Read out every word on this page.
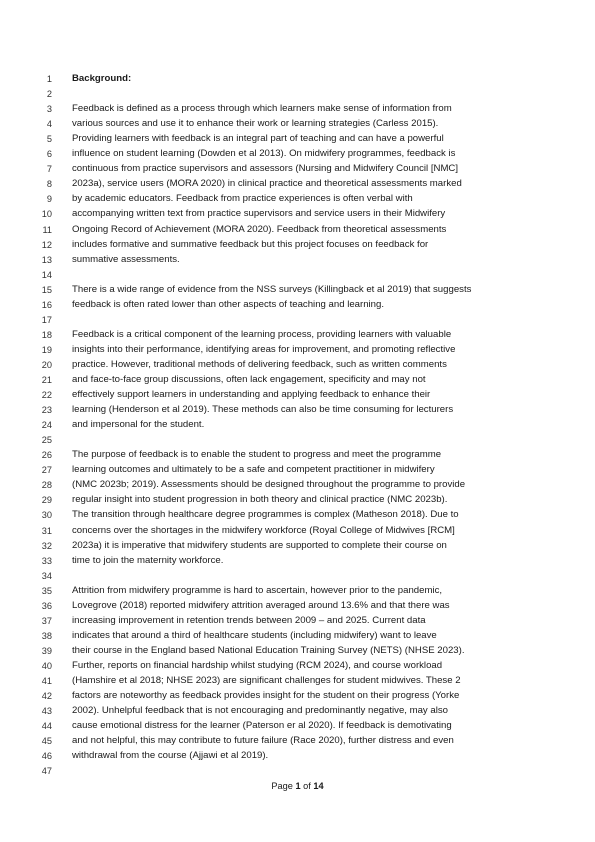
1 Background:
2
3 Feedback is defined as a process through which learners make sense of information from
4 various sources and use it to enhance their work or learning strategies (Carless 2015).
5 Providing learners with feedback is an integral part of teaching and can have a powerful
6 influence on student learning (Dowden et al 2013). On midwifery programmes, feedback is
7 continuous from practice supervisors and assessors (Nursing and Midwifery Council [NMC]
8 2023a), service users (MORA 2020) in clinical practice and theoretical assessments marked
9 by academic educators. Feedback from practice experiences is often verbal with
10 accompanying written text from practice supervisors and service users in their Midwifery
11 Ongoing Record of Achievement (MORA 2020). Feedback from theoretical assessments
12 includes formative and summative feedback but this project focuses on feedback for
13 summative assessments.
14
15 There is a wide range of evidence from the NSS surveys (Killingback et al 2019) that suggests
16 feedback is often rated lower than other aspects of teaching and learning.
17
18 Feedback is a critical component of the learning process, providing learners with valuable
19 insights into their performance, identifying areas for improvement, and promoting reflective
20 practice. However, traditional methods of delivering feedback, such as written comments
21 and face-to-face group discussions, often lack engagement, specificity and may not
22 effectively support learners in understanding and applying feedback to enhance their
23 learning (Henderson et al 2019). These methods can also be time consuming for lecturers
24 and impersonal for the student.
25
26 The purpose of feedback is to enable the student to progress and meet the programme
27 learning outcomes and ultimately to be a safe and competent practitioner in midwifery
28 (NMC 2023b; 2019). Assessments should be designed throughout the programme to provide
29 regular insight into student progression in both theory and clinical practice (NMC 2023b).
30 The transition through healthcare degree programmes is complex (Matheson 2018). Due to
31 concerns over the shortages in the midwifery workforce (Royal College of Midwives [RCM]
32 2023a) it is imperative that midwifery students are supported to complete their course on
33 time to join the maternity workforce.
34
35 Attrition from midwifery programme is hard to ascertain, however prior to the pandemic,
36 Lovegrove (2018) reported midwifery attrition averaged around 13.6% and that there was
37 increasing improvement in retention trends between 2009 – and 2025. Current data
38 indicates that around a third of healthcare students (including midwifery) want to leave
39 their course in the England based National Education Training Survey (NETS) (NHSE 2023).
40 Further, reports on financial hardship whilst studying (RCM 2024), and course workload
41 (Hamshire et al 2018; NHSE 2023) are significant challenges for student midwives. These 2
42 factors are noteworthy as feedback provides insight for the student on their progress (Yorke
43 2002). Unhelpful feedback that is not encouraging and predominantly negative, may also
44 cause emotional distress for the learner (Paterson er al 2020). If feedback is demotivating
45 and not helpful, this may contribute to future failure (Race 2020), further distress and even
46 withdrawal from the course (Ajjawi et al 2019).
47
Page 1 of 14
